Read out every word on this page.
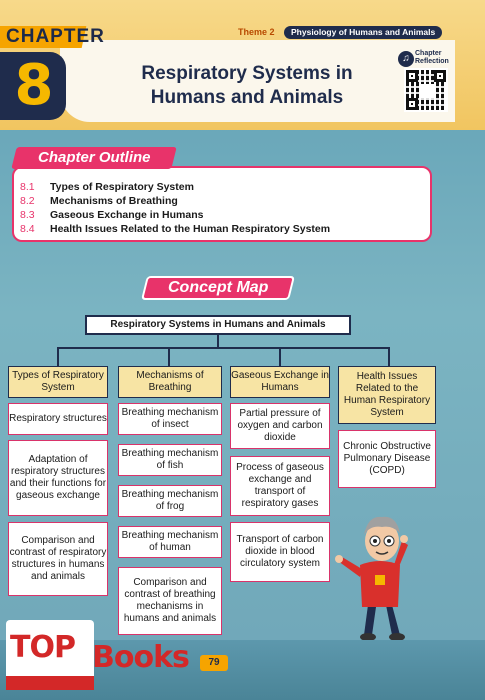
CHAPTER
8
Theme 2	Physiology of Humans and Animals
Respiratory Systems in
Humans and Animals
♫ Chapter
Reflection
Chapter Outline
8.1 Types of Respiratory System
8.2 Mechanisms of Breathing
8.3 Gaseous Exchange in Humans
8.4 Health Issues Related to the Human Respiratory System
Concept Map
Respiratory Systems in Humans and Animals
Types of Respiratory System
Respiratory structures
Adaptation of respiratory structures and their functions for gaseous exchange
Comparison and contrast of respiratory structures in humans and animals
Mechanisms of Breathing
Breathing mechanism of insect
Breathing mechanism of fish
Breathing mechanism of frog
Breathing mechanism of human
Comparison and contrast of breathing mechanisms in humans and animals
Gaseous Exchange in Humans
Partial pressure of oxygen and carbon dioxide
Process of gaseous exchange and transport of respiratory gases
Transport of carbon dioxide in blood circulatory system
Health Issues Related to the Human Respiratory System
Chronic Obstructive Pulmonary Disease (COPD)
79
TOP Books
